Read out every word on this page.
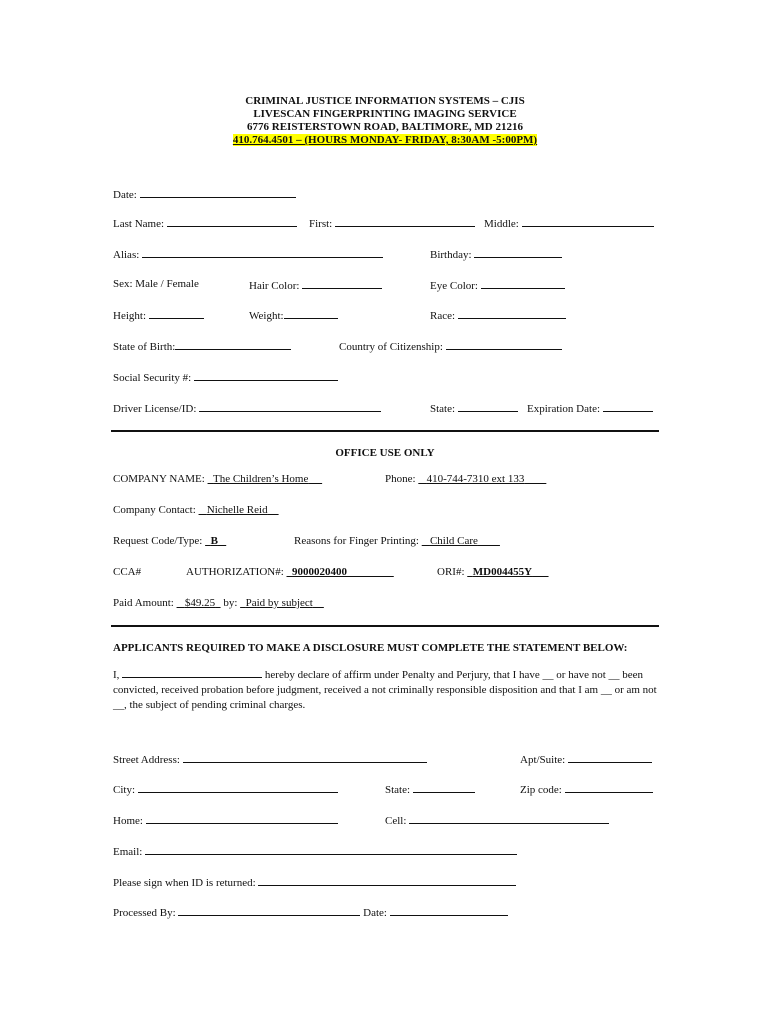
CRIMINAL JUSTICE INFORMATION SYSTEMS – CJIS
LIVESCAN FINGERPRINTING IMAGING SERVICE
6776 REISTERSTOWN ROAD, BALTIMORE, MD 21216
410.764.4501 – (HOURS MONDAY- FRIDAY, 8:30AM -5:00PM)
Date:
Last Name:	First:	Middle:
Alias:	Birthday:
Sex: Male / Female	Hair Color:	Eye Color:
Height:	Weight:	Race:
State of Birth:	Country of Citizenship:
Social Security #:
Driver License/ID:	State:	Expiration Date:
OFFICE USE ONLY
COMPANY NAME: The Children’s Home	Phone: 410-744-7310 ext 133
Company Contact: Nichelle Reid
Request Code/Type: B	Reasons for Finger Printing: Child Care
CCA#	AUTHORIZATION#: 9000020400	ORI#: MD004455Y
Paid Amount: $49.25 by: Paid by subject
APPLICANTS REQUIRED TO MAKE A DISCLOSURE MUST COMPLETE THE STATEMENT BELOW:
I,	hereby declare of affirm under Penalty and Perjury, that I have __ or have not __ been convicted, received probation before judgment, received a not criminally responsible disposition and that I am __ or am not __, the subject of pending criminal charges.
Street Address:	Apt/Suite:
City:	State:	Zip code:
Home:	Cell:
Email:
Please sign when ID is returned:
Processed By:	Date:
